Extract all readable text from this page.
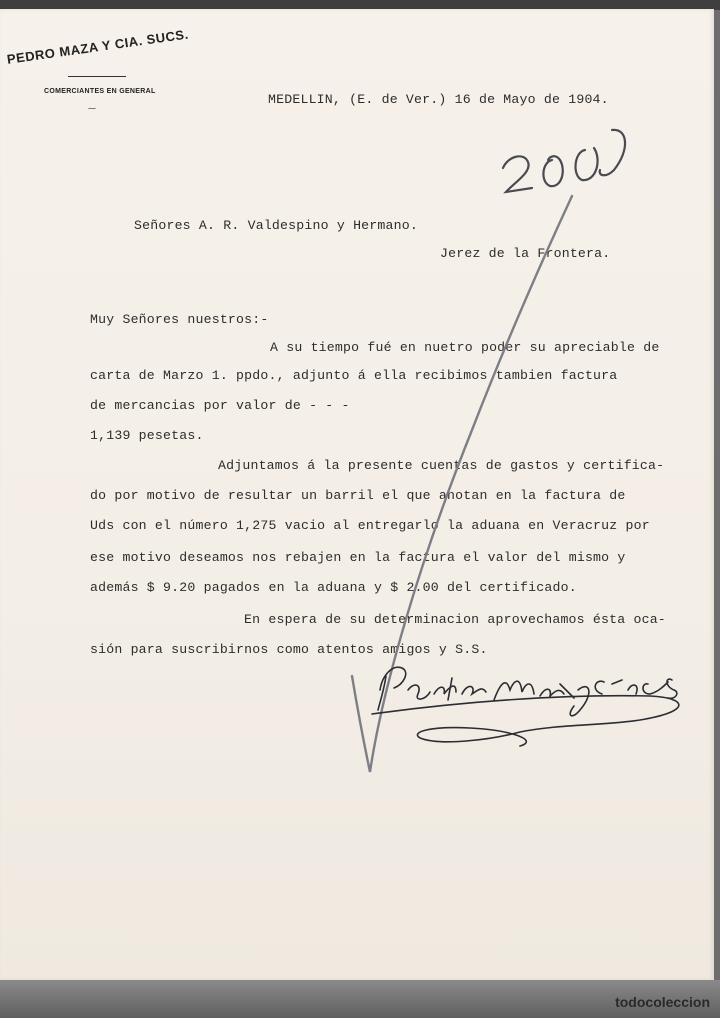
PEDRO MAZA Y CIA. SUCS.
COMERCIANTES EN GENERAL
⁓
MEDELLIN, (E. de Ver.) 16 de Mayo de 1904.
Señores A. R. Valdespino y Hermano.
Jerez de la Frontera.
Muy Señores nuestros:-
A su tiempo fué en nuetro poder su apreciable de
carta de Marzo 1. ppdo., adjunto á ella recibimos tambien factura
de mercancias por valor de - - -
1,139 pesetas.
Adjuntamos á la presente cuentas de gastos y certifica-
do por motivo de resultar un barril el que anotan en la factura de
Uds con el número 1,275 vacio al entregarlo la aduana en Veracruz por
ese motivo deseamos nos rebajen en la factura el valor del mismo y
además $ 9.20 pagados en la aduana y $ 2.00 del certificado.
En espera de su determinacion aprovechamos ésta oca-
sión para suscribirnos como atentos amigos y S.S.
todocoleccion
